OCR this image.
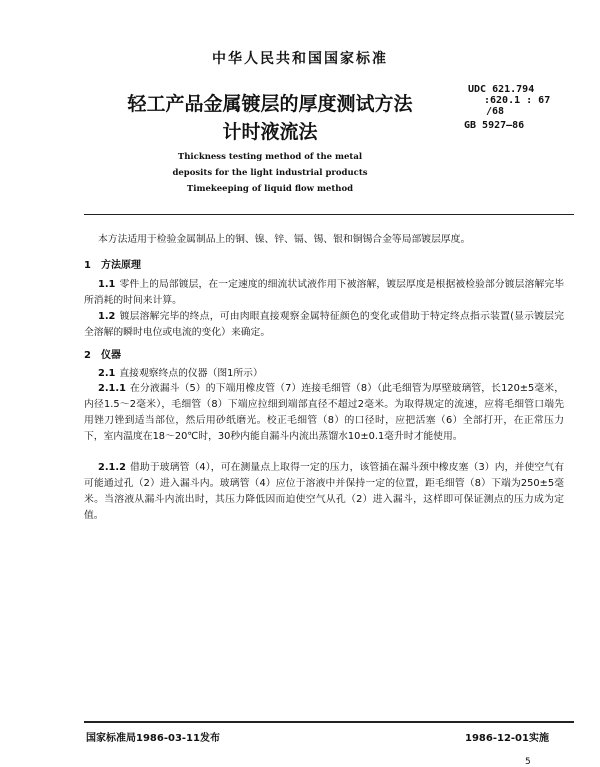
中华人民共和国国家标准
轻工产品金属镀层的厚度测试方法
计时液流法
UDC 621.794
:620.1 : 67
/68
GB 5927—86
Thickness testing method of the metal
deposits for the light industrial products
Timekeeping of liquid flow method
本方法适用于检验金属制品上的铜、镍、锌、镉、锡、银和铜锡合金等局部镀层厚度。
1 方法原理
1.1 零件上的局部镀层，在一定速度的细流状试液作用下被溶解，镀层厚度是根据被检验部分镀层溶解完毕所消耗的时间来计算。
1.2 镀层溶解完毕的终点，可由肉眼直接观察金属特征颜色的变化或借助于特定终点指示装置(显示镀层完全溶解的瞬时电位或电流的变化）来确定。
2 仪器
2.1 直接观察终点的仪器（图1所示）
2.1.1 在分液漏斗（5）的下端用橡皮管（7）连接毛细管（8）（此毛细管为厚壁玻璃管，长120±5毫米，内径1.5～2毫米），毛细管（8）下端应拉细到端部直径不超过2毫米。为取得规定的流速，应将毛细管口端先用锉刀锉到适当部位，然后用砂纸磨光。校正毛细管（8）的口径时，应把活塞（6）全部打开，在正常压力下，室内温度在18～20℃时，30秒内能自漏斗内流出蒸馏水10±0.1毫升时才能使用。
2.1.2 借助于玻璃管（4），可在测量点上取得一定的压力，该管插在漏斗颈中橡皮塞（3）内，并使空气有可能通过孔（2）进入漏斗内。玻璃管（4）应位于溶液中并保持一定的位置，距毛细管（8）下端为250±5毫米。当溶液从漏斗内流出时，其压力降低因而迫使空气从孔（2）进入漏斗，这样即可保证测点的压力成为定值。
国家标准局1986-03-11发布	1986-12-01实施
5
